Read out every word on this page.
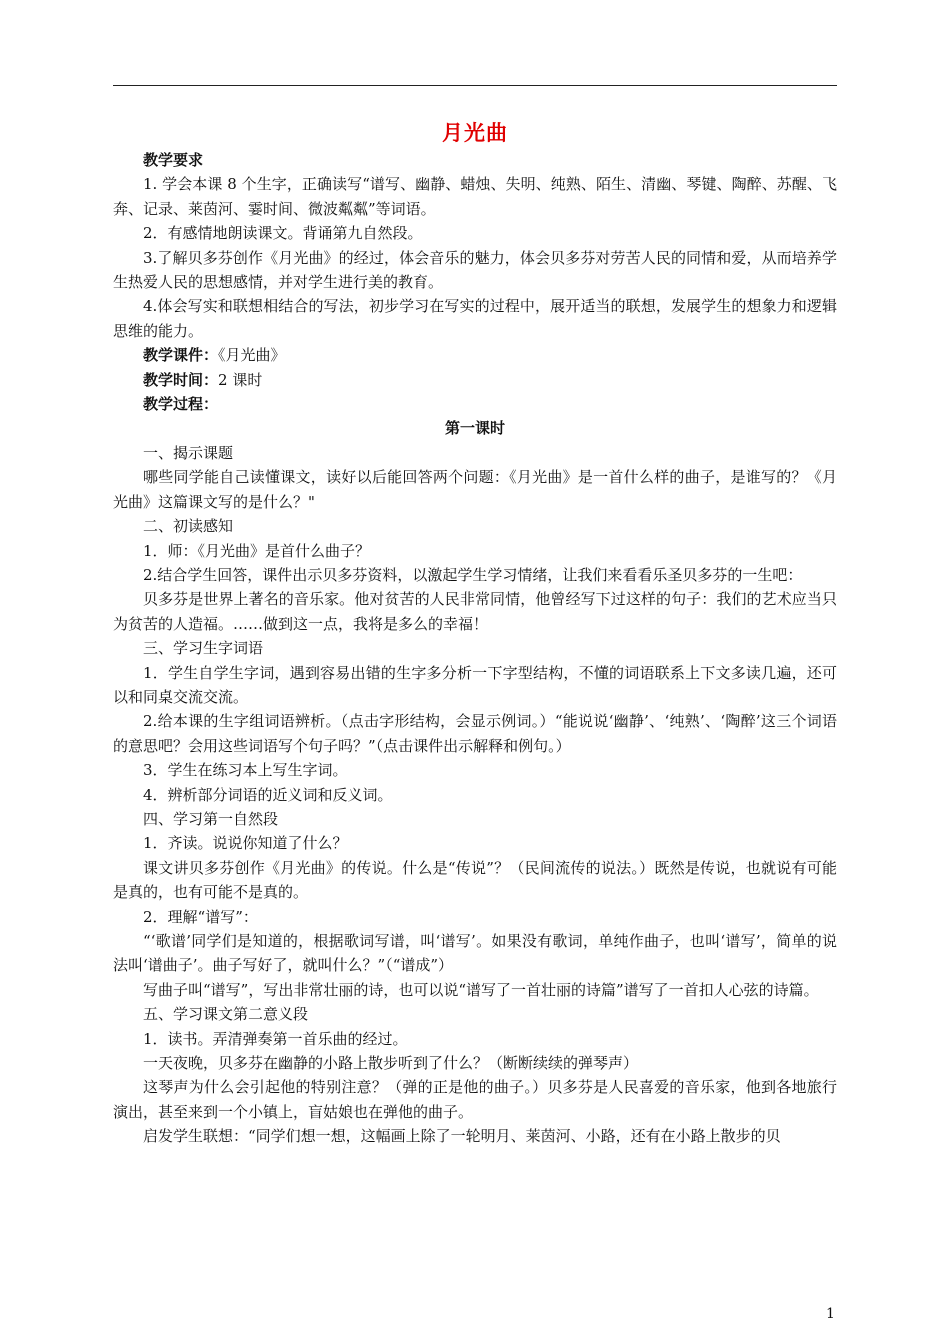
月光曲

教学要求

1. 学会本课 8 个生字，正确读写“谱写、幽静、蜡烛、失明、纯熟、陌生、清幽、琴键、陶醉、苏醒、飞奔、记录、莱茵河、霎时间、微波粼粼”等词语。

2．有感情地朗读课文。背诵第九自然段。

3.了解贝多芬创作《月光曲》的经过，体会音乐的魅力，体会贝多芬对劳苦人民的同情和爱，从而培养学生热爱人民的思想感情，并对学生进行美的教育。

4.体会写实和联想相结合的写法，初步学习在写实的过程中，展开适当的联想，发展学生的想象力和逻辑思维的能力。

教学课件：《月光曲》

教学时间：2 课时

教学过程：

第一课时

一、揭示课题

哪些同学能自己读懂课文，读好以后能回答两个问题：《月光曲》是一首什么样的曲子，是谁写的？《月光曲》这篇课文写的是什么？"

二、初读感知

1．师：《月光曲》是首什么曲子？

2.结合学生回答，课件出示贝多芬资料，以激起学生学习情绪，让我们来看看乐圣贝多芬的一生吧：

贝多芬是世界上著名的音乐家。他对贫苦的人民非常同情，他曾经写下过这样的句子：我们的艺术应当只为贫苦的人造福。……做到这一点，我将是多么的幸福！

三、学习生字词语

1．学生自学生字词，遇到容易出错的生字多分析一下字型结构，不懂的词语联系上下文多读几遍，还可以和同桌交流交流。

2.给本课的生字组词语辨析。（点击字形结构，会显示例词。）“能说说‘幽静’、‘纯熟’、‘陶醉’这三个词语的意思吧？会用这些词语写个句子吗？”（点击课件出示解释和例句。）

3．学生在练习本上写生字词。

4．辨析部分词语的近义词和反义词。

四、学习第一自然段

1．齐读。说说你知道了什么？

课文讲贝多芬创作《月光曲》的传说。什么是“传说”？（民间流传的说法。）既然是传说，也就说有可能是真的，也有可能不是真的。

2．理解“谱写”：

“‘歌谱’同学们是知道的，根据歌词写谱，叫‘谱写’。如果没有歌词，单纯作曲子，也叫‘谱写’，简单的说法叫‘谱曲子’。曲子写好了，就叫什么？”（“谱成”）

写曲子叫“谱写”，写出非常壮丽的诗，也可以说“谱写了一首壮丽的诗篇”谱写了一首扣人心弦的诗篇。

五、学习课文第二意义段

1．读书。弄清弹奏第一首乐曲的经过。

一天夜晚，贝多芬在幽静的小路上散步听到了什么？（断断续续的弹琴声）

这琴声为什么会引起他的特别注意？（弹的正是他的曲子。）贝多芬是人民喜爱的音乐家，他到各地旅行演出，甚至来到一个小镇上，盲姑娘也在弹他的曲子。

启发学生联想：“同学们想一想，这幅画上除了一轮明月、莱茵河、小路，还有在小路上散步的贝

1
